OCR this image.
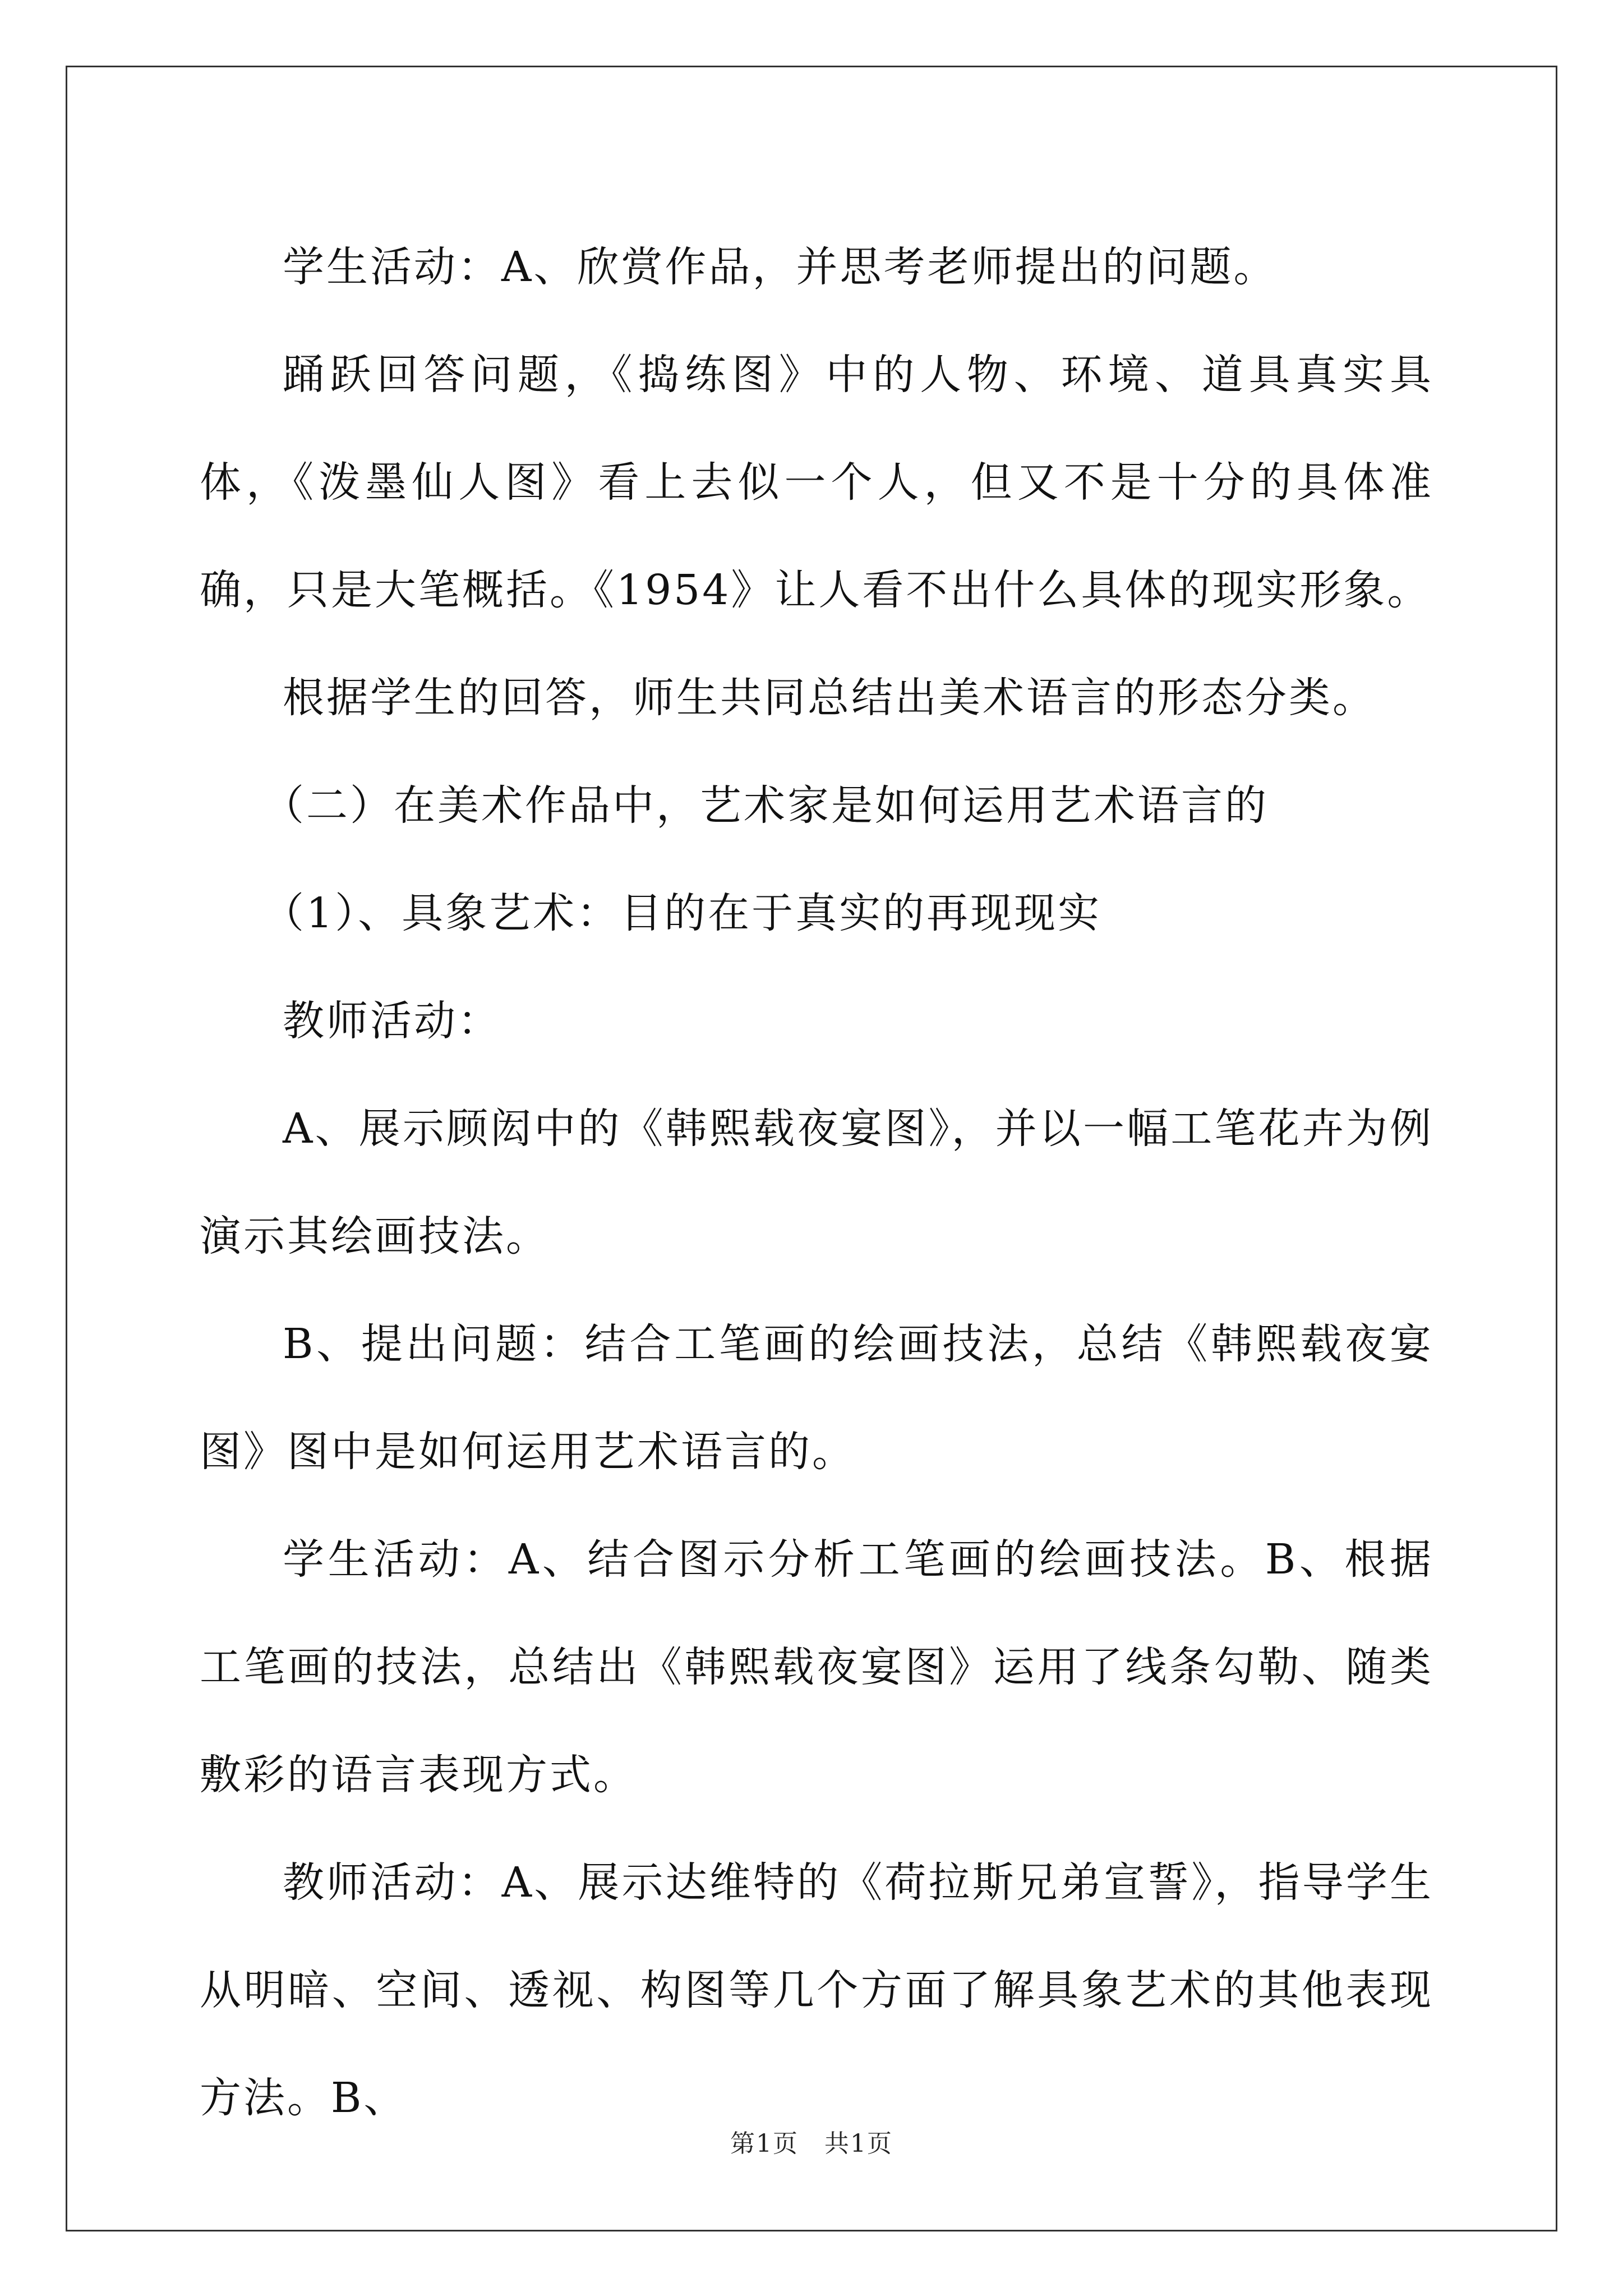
学生活动：A、欣赏作品，并思考老师提出的问题。

踊跃回答问题，《捣练图》中的人物、环境、道具真实具体，《泼墨仙人图》看上去似一个人，但又不是十分的具体准确，只是大笔概括。《1954》让人看不出什么具体的现实形象。

根据学生的回答，师生共同总结出美术语言的形态分类。

（二）在美术作品中，艺术家是如何运用艺术语言的

（1）、具象艺术：目的在于真实的再现现实

教师活动：

A、展示顾闳中的《韩熙载夜宴图》，并以一幅工笔花卉为例演示其绘画技法。

B、提出问题：结合工笔画的绘画技法，总结《韩熙载夜宴图》图中是如何运用艺术语言的。

学生活动：A、结合图示分析工笔画的绘画技法。B、根据工笔画的技法，总结出《韩熙载夜宴图》运用了线条勾勒、随类敷彩的语言表现方式。

教师活动：A、展示达维特的《荷拉斯兄弟宣誓》，指导学生从明暗、空间、透视、构图等几个方面了解具象艺术的其他表现方法。B、

第1页　共1页
